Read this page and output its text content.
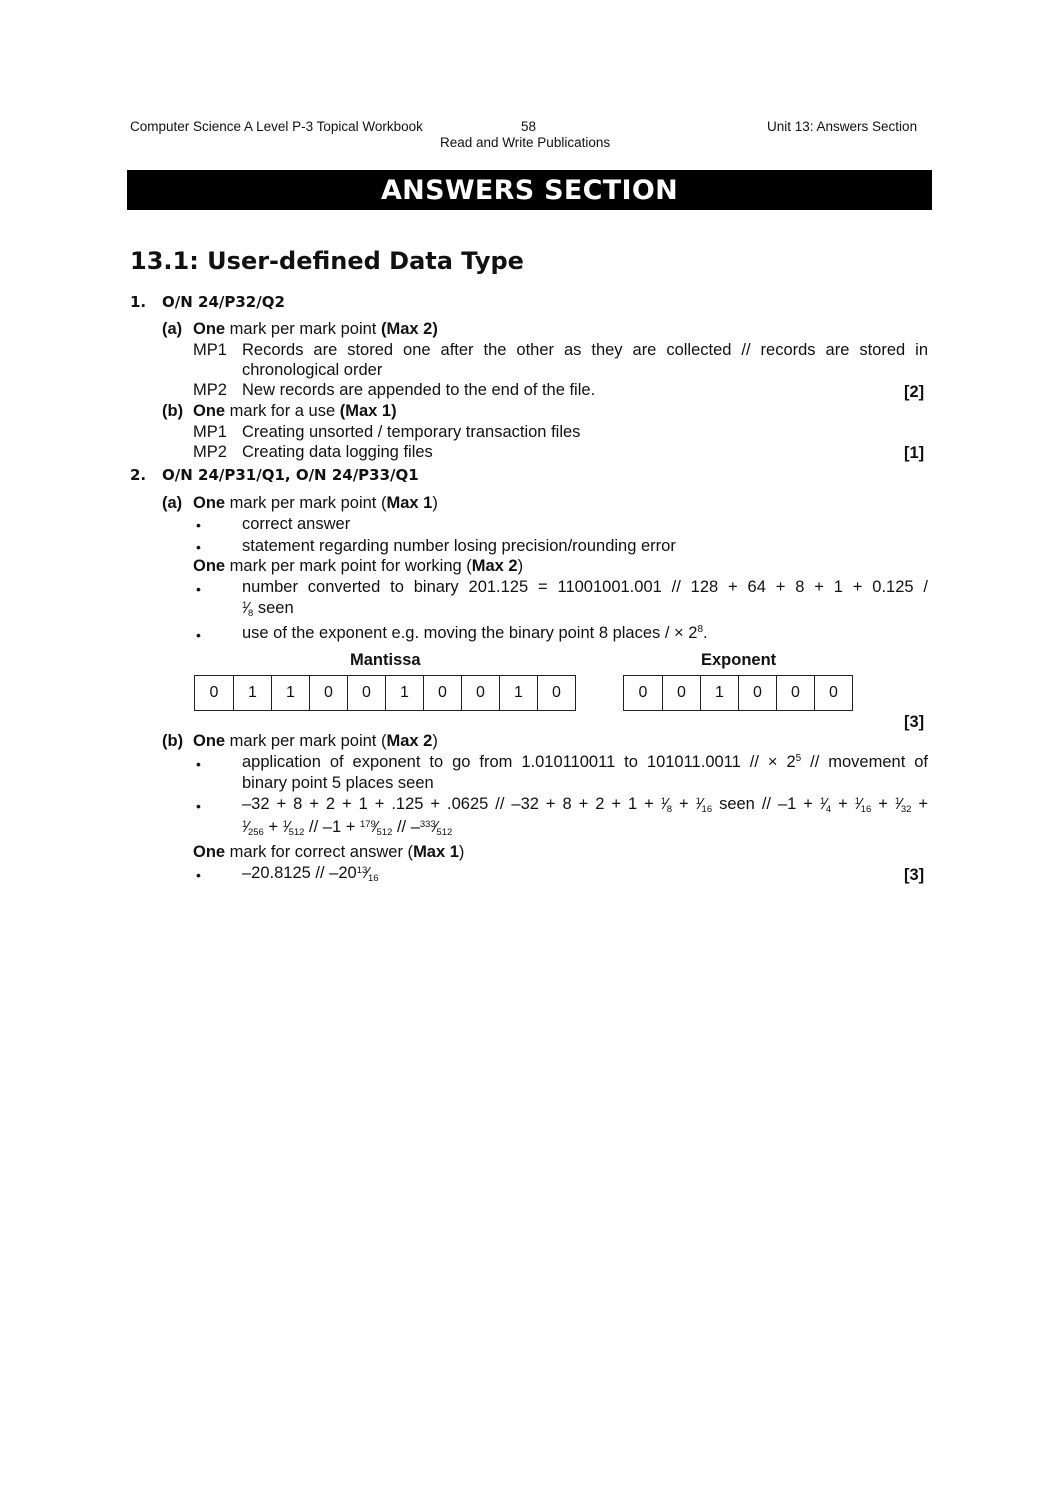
Computer Science A Level P-3 Topical Workbook	58
Read and Write Publications
Unit 13: Answers Section
ANSWERS SECTION
13.1: User-defined Data Type
1. O/N 24/P32/Q2
(a) One mark per mark point (Max 2)
MP1 Records are stored one after the other as they are collected // records are stored in
chronological order
MP2 New records are appended to the end of the file.	[2]
(b) One mark for a use (Max 1)
MP1 Creating unsorted / temporary transaction files
MP2 Creating data logging files	[1]
2. O/N 24/P31/Q1, O/N 24/P33/Q1
(a) One mark per mark point (Max 1)
• correct answer
• statement regarding number losing precision/rounding error
One mark per mark point for working (Max 2)
• number converted to binary 201.125 = 11001001.001 // 128 + 64 + 8 + 1 + 0.125 /
$^1$⁄8 seen
• use of the exponent e.g. moving the binary point 8 places / × $2^8$.
Mantissa	Exponent
0	1	1	0	0	1	0	0	1	0	0	0	1	0	0	0
[3]
(b) One mark per mark point (Max 2)
• application of exponent to go from 1.010110011 to 101011.0011 // × $2^5$ // movement of
binary point 5 places seen
• –32 + 8 + 2 + 1 + .125 + .0625 // –32 + 8 + 2 + 1 + $^1$⁄8 + $^1$⁄16 seen // –1 + $^1$⁄4 + $^1$⁄16 + $^1$⁄32 +
$^1$⁄256 + $^1$⁄512 // –1 + $^{179}$⁄512 // –$^{333}$⁄512
One mark for correct answer (Max 1)
• $-20.8125 // -20^{13}⁄16$	[3]
